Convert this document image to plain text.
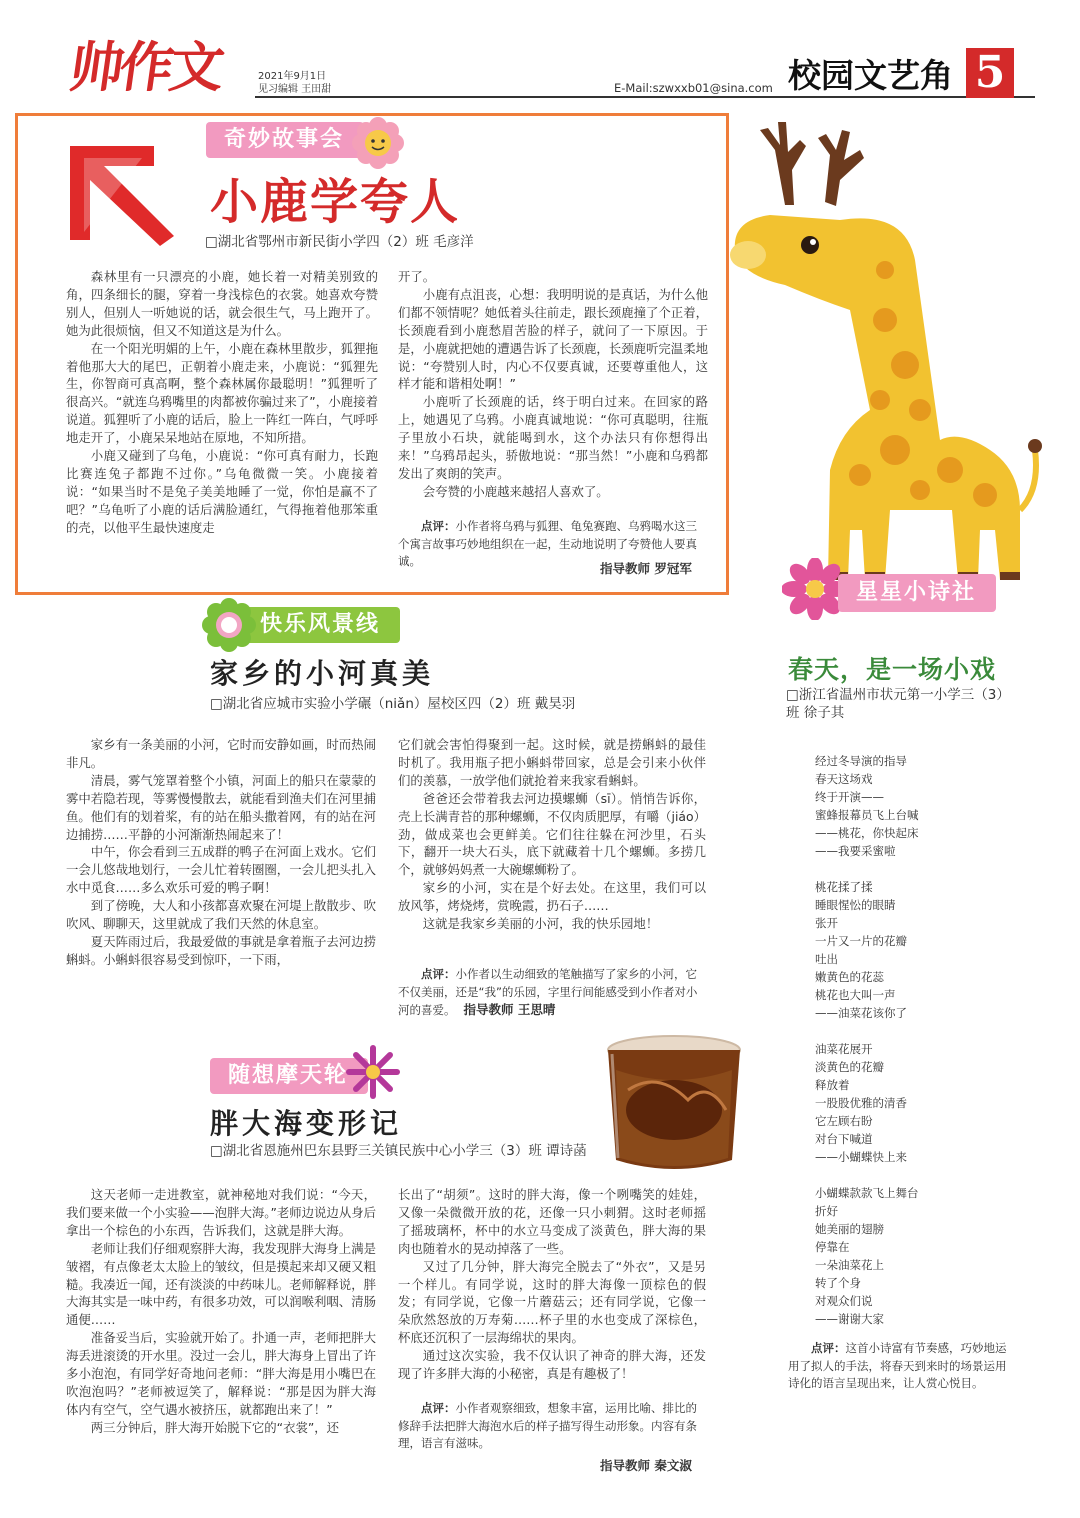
帅作文	2021年9月1日
见习编辑 王田甜	E-Mail:szwxxb01@sina.com 校园文艺角 5
奇妙故事会
小鹿学夸人
□湖北省鄂州市新民街小学四（2）班 毛彦洋

森林里有一只漂亮的小鹿，她长着一对精美别致的角，四条细长的腿，穿着一身浅棕色的衣裳。她喜欢夸赞别人，但别人一听她说的话，就会很生气，马上跑开了。她为此很烦恼，但又不知道这是为什么。

在一个阳光明媚的上午，小鹿在森林里散步，狐狸拖着他那大大的尾巴，正朝着小鹿走来，小鹿说：“狐狸先生，你智商可真高啊，整个森林属你最聪明！”狐狸听了很高兴。“就连乌鸦嘴里的肉都被你骗过来了”，小鹿接着说道。狐狸听了小鹿的话后，脸上一阵红一阵白，气呼呼地走开了，小鹿呆呆地站在原地，不知所措。

小鹿又碰到了乌龟，小鹿说：“你可真有耐力，长跑比赛连兔子都跑不过你。”乌龟微微一笑。小鹿接着说：“如果当时不是兔子美美地睡了一觉，你怕是赢不了吧？”乌龟听了小鹿的话后满脸通红，气得拖着他那笨重的壳，以他平生最快速度走

开了。

小鹿有点沮丧，心想：我明明说的是真话，为什么他们都不领情呢？她低着头往前走，跟长颈鹿撞了个正着，长颈鹿看到小鹿愁眉苦脸的样子，就问了一下原因。于是，小鹿就把她的遭遇告诉了长颈鹿，长颈鹿听完温柔地说：“夸赞别人时，内心不仅要真诚，还要尊重他人，这样才能和谐相处啊！”

小鹿听了长颈鹿的话，终于明白过来。在回家的路上，她遇见了乌鸦。小鹿真诚地说：“你可真聪明，往瓶子里放小石块，就能喝到水，这个办法只有你想得出来！”乌鸦昂起头，骄傲地说：“那当然！”小鹿和乌鸦都发出了爽朗的笑声。

会夸赞的小鹿越来越招人喜欢了。

点评：小作者将乌鸦与狐狸、龟兔赛跑、乌鸦喝水这三个寓言故事巧妙地组织在一起，生动地说明了夸赞他人要真诚。	指导教师 罗冠军
快乐风景线
家乡的小河真美
□湖北省应城市实验小学碾（niǎn）屋校区四（2）班 戴昊羽

家乡有一条美丽的小河，它时而安静如画，时而热闹非凡。

清晨，雾气笼罩着整个小镇，河面上的船只在蒙蒙的雾中若隐若现，等雾慢慢散去，就能看到渔夫们在河里捕鱼。他们有的划着桨，有的站在船头撒着网，有的站在河边捕捞……平静的小河渐渐热闹起来了！

中午，你会看到三五成群的鸭子在河面上戏水。它们一会儿悠哉地划行，一会儿忙着转圈圈，一会儿把头扎入水中觅食……多么欢乐可爱的鸭子啊！

到了傍晚，大人和小孩都喜欢聚在河堤上散散步、吹吹风、聊聊天，这里就成了我们天然的休息室。

夏天阵雨过后，我最爱做的事就是拿着瓶子去河边捞蝌蚪。小蝌蚪很容易受到惊吓，一下雨，

它们就会害怕得聚到一起。这时候，就是捞蝌蚪的最佳时机了。我用瓶子把小蝌蚪带回家，总是会引来小伙伴们的羡慕，一放学他们就抢着来我家看蝌蚪。

爸爸还会带着我去河边摸螺蛳（sī）。悄悄告诉你，壳上长满青苔的那种螺蛳，不仅肉质肥厚，有嚼（jiáo）劲，做成菜也会更鲜美。它们往往躲在河沙里，石头下，翻开一块大石头，底下就藏着十几个螺蛳。多捞几个，就够妈妈煮一大碗螺蛳粉了。

家乡的小河，实在是个好去处。在这里，我们可以放风筝，烤烧烤，赏晚霞，扔石子……

这就是我家乡美丽的小河，我的快乐园地！

点评：小作者以生动细致的笔触描写了家乡的小河，它不仅美丽，还是“我”的乐园，字里行间能感受到小作者对小河的喜爱。 指导教师 王思晴
随想摩天轮
胖大海变形记
□湖北省恩施州巴东县野三关镇民族中心小学三（3）班 谭诗菡

这天老师一走进教室，就神秘地对我们说：“今天，我们要来做一个小实验——泡胖大海。”老师边说边从身后拿出一个棕色的小东西，告诉我们，这就是胖大海。

老师让我们仔细观察胖大海，我发现胖大海身上满是皱褶，有点像老太太脸上的皱纹，但是摸起来却又硬又粗糙。我凑近一闻，还有淡淡的中药味儿。老师解释说，胖大海其实是一味中药，有很多功效，可以润喉利咽、清肠通便……

准备妥当后，实验就开始了。扑通一声，老师把胖大海丢进滚烫的开水里。没过一会儿，胖大海身上冒出了许多小泡泡，有同学好奇地问老师：“胖大海是用小嘴巴在吹泡泡吗？”老师被逗笑了，解释说：“那是因为胖大海体内有空气，空气遇水被挤压，就都跑出来了！”

两三分钟后，胖大海开始脱下它的“衣裳”，还

长出了“胡须”。这时的胖大海，像一个咧嘴笑的娃娃，又像一朵微微开放的花，还像一只小刺猬。这时老师摇了摇玻璃杯，杯中的水立马变成了淡黄色，胖大海的果肉也随着水的晃动掉落了一些。

又过了几分钟，胖大海完全脱去了“外衣”，又是另一个样儿。有同学说，这时的胖大海像一顶棕色的假发；有同学说，它像一片蘑菇云；还有同学说，它像一朵欣然怒放的万寿菊……杯子里的水也变成了深棕色，杯底还沉积了一层海绵状的果肉。

通过这次实验，我不仅认识了神奇的胖大海，还发现了许多胖大海的小秘密，真是有趣极了！

点评：小作者观察细致，想象丰富，运用比喻、排比的修辞手法把胖大海泡水后的样子描写得生动形象。内容有条理，语言有滋味。
指导教师 秦文淑
星星小诗社
春天，是一场小戏
□浙江省温州市状元第一小学三（3）班 徐子其
经过冬导演的指导
春天这场戏
终于开演——
蜜蜂报幕员飞上台喊
——桃花，你快起床
——我要采蜜啦
桃花揉了揉
睡眼惺忪的眼睛
张开
一片又一片的花瓣
吐出
嫩黄色的花蕊
桃花也大叫一声
——油菜花该你了
油菜花展开
淡黄色的花瓣
释放着
一股股优雅的清香
它左顾右盼
对台下喊道
——小蝴蝶快上来
小蝴蝶款款飞上舞台
折好
她美丽的翅膀
停靠在
一朵油菜花上
转了个身
对观众们说
——谢谢大家
点评：这首小诗富有节奏感，巧妙地运用了拟人的手法，将春天到来时的场景运用诗化的语言呈现出来，让人赏心悦目。
